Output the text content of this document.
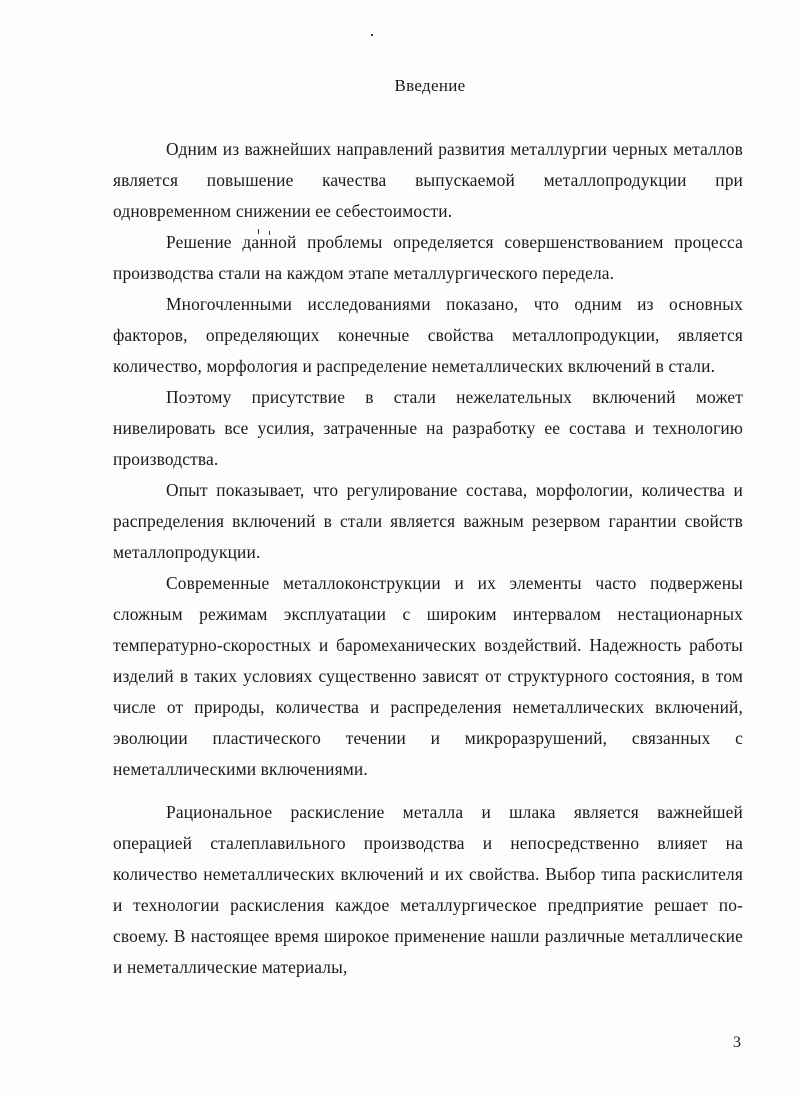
Введение

Одним из важнейших направлений развития металлургии черных металлов является повышение качества выпускаемой металлопродукции при одновременном снижении ее себестоимости.

Решение данной проблемы определяется совершенствованием процесса производства стали на каждом этапе металлургического передела.

Многочленными исследованиями показано, что одним из основных факторов, определяющих конечные свойства металлопродукции, является количество, морфология и распределение неметаллических включений в стали.

Поэтому присутствие в стали нежелательных включений может нивелировать все усилия, затраченные на разработку ее состава и технологию производства.

Опыт показывает, что регулирование состава, морфологии, количества и распределения включений в стали является важным резервом гарантии свойств металлопродукции.

Современные металлоконструкции и их элементы часто подвержены сложным режимам эксплуатации с широким интервалом нестационарных температурно-скоростных и баромеханических воздействий. Надежность работы изделий в таких условиях существенно зависят от структурного состояния, в том числе от природы, количества и распределения неметаллических включений, эволюции пластического течении и микроразрушений, связанных с неметаллическими включениями.

Рациональное раскисление металла и шлака является важнейшей операцией сталеплавильного производства и непосредственно влияет на количество неметаллических включений и их свойства. Выбор типа раскислителя и технологии раскисления каждое металлургическое предприятие решает по-своему. В настоящее время широкое применение нашли различные металлические и неметаллические материалы,

3
